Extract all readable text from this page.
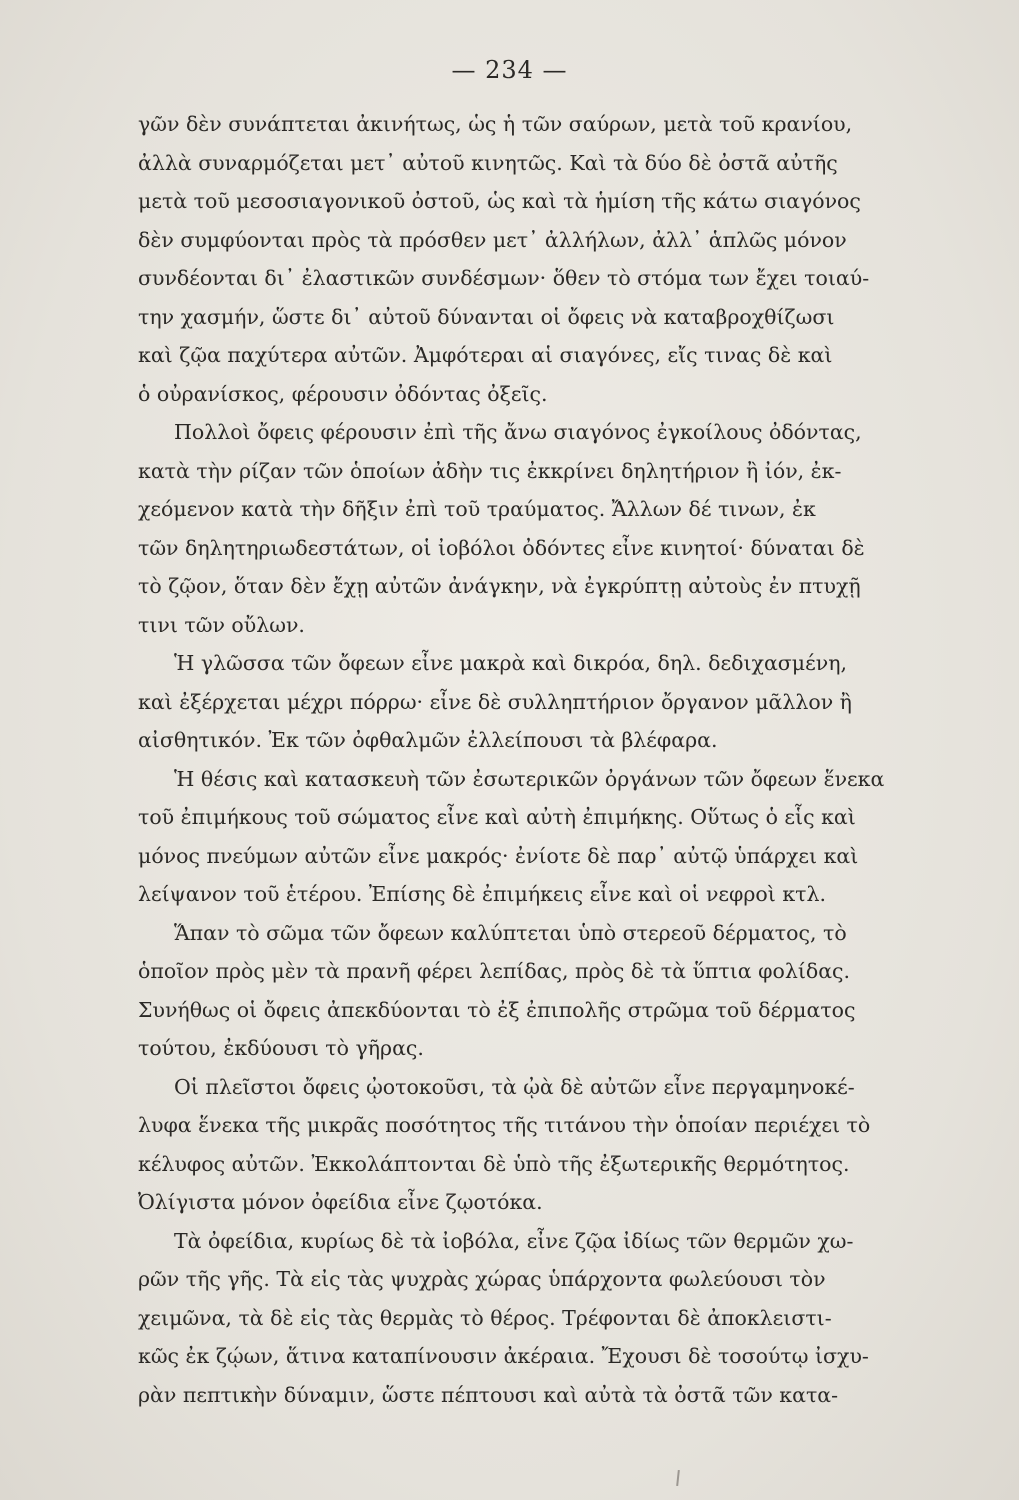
— 234 —
γῶν δὲν συνάπτεται ἀκινήτως, ὡς ἡ τῶν σαύρων, μετὰ τοῦ κρανίου,
ἀλλὰ συναρμόζεται μετ᾽ αὐτοῦ κινητῶς. Καὶ τὰ δύο δὲ ὀστᾶ αὐτῆς
μετὰ τοῦ μεσοσιαγονικοῦ ὀστοῦ, ὡς καὶ τὰ ἡμίση τῆς κάτω σιαγόνος
δὲν συμφύονται πρὸς τὰ πρόσθεν μετ᾽ ἀλλήλων, ἀλλ᾽ ἁπλῶς μόνον
συνδέονται δι᾽ ἐλαστικῶν συνδέσμων· ὅθεν τὸ στόμα των ἔχει τοιαύ-
την χασμήν, ὥστε δι᾽ αὐτοῦ δύνανται οἱ ὄφεις νὰ καταβροχθίζωσι
καὶ ζῷα παχύτερα αὐτῶν. Ἀμφότεραι αἱ σιαγόνες, εἴς τινας δὲ καὶ
ὁ οὐρανίσκος, φέρουσιν ὀδόντας ὀξεῖς.
Πολλοὶ ὄφεις φέρουσιν ἐπὶ τῆς ἄνω σιαγόνος ἐγκοίλους ὀδόντας,
κατὰ τὴν ρίζαν τῶν ὁποίων ἀδὴν τις ἐκκρίνει δηλητήριον ἢ ἰόν, ἐκ-
χεόμενον κατὰ τὴν δῆξιν ἐπὶ τοῦ τραύματος. Ἄλλων δέ τινων, ἐκ
τῶν δηλητηριωδεστάτων, οἱ ἰοβόλοι ὀδόντες εἶνε κινητοί· δύναται δὲ
τὸ ζῷον, ὅταν δὲν ἔχῃ αὐτῶν ἀνάγκην, νὰ ἐγκρύπτῃ αὐτοὺς ἐν πτυχῇ
τινι τῶν οὔλων.
Ἡ γλῶσσα τῶν ὄφεων εἶνε μακρὰ καὶ δικρόα, δηλ. δεδιχασμένη,
καὶ ἐξέρχεται μέχρι πόρρω· εἶνε δὲ συλληπτήριον ὄργανον μᾶλλον ἢ
αἰσθητικόν. Ἐκ τῶν ὀφθαλμῶν ἐλλείπουσι τὰ βλέφαρα.
Ἡ θέσις καὶ κατασκευὴ τῶν ἐσωτερικῶν ὀργάνων τῶν ὄφεων ἕνεκα
τοῦ ἐπιμήκους τοῦ σώματος εἶνε καὶ αὐτὴ ἐπιμήκης. Οὕτως ὁ εἷς καὶ
μόνος πνεύμων αὐτῶν εἶνε μακρός· ἐνίοτε δὲ παρ᾽ αὐτῷ ὑπάρχει καὶ
λείψανον τοῦ ἑτέρου. Ἐπίσης δὲ ἐπιμήκεις εἶνε καὶ οἱ νεφροὶ κτλ.
Ἅπαν τὸ σῶμα τῶν ὄφεων καλύπτεται ὑπὸ στερεοῦ δέρματος, τὸ
ὁποῖον πρὸς μὲν τὰ πρανῆ φέρει λεπίδας, πρὸς δὲ τὰ ὕπτια φολίδας.
Συνήθως οἱ ὄφεις ἀπεκδύονται τὸ ἐξ ἐπιπολῆς στρῶμα τοῦ δέρματος
τούτου, ἐκδύουσι τὸ γῆρας.
Οἱ πλεῖστοι ὄφεις ᾠοτοκοῦσι, τὰ ᾠὰ δὲ αὐτῶν εἶνε περγαμηνοκέ-
λυφα ἕνεκα τῆς μικρᾶς ποσότητος τῆς τιτάνου τὴν ὁποίαν περιέχει τὸ
κέλυφος αὐτῶν. Ἐκκολάπτονται δὲ ὑπὸ τῆς ἐξωτερικῆς θερμότητος.
Ὀλίγιστα μόνον ὀφείδια εἶνε ζῳοτόκα.
Τὰ ὀφείδια, κυρίως δὲ τὰ ἰοβόλα, εἶνε ζῷα ἰδίως τῶν θερμῶν χω-
ρῶν τῆς γῆς. Τὰ εἰς τὰς ψυχρὰς χώρας ὑπάρχοντα φωλεύουσι τὸν
χειμῶνα, τὰ δὲ εἰς τὰς θερμὰς τὸ θέρος. Τρέφονται δὲ ἀποκλειστι-
κῶς ἐκ ζῴων, ἅτινα καταπίνουσιν ἀκέραια. Ἔχουσι δὲ τοσούτῳ ἰσχυ-
ρὰν πεπτικὴν δύναμιν, ὥστε πέπτουσι καὶ αὐτὰ τὰ ὀστᾶ τῶν κατα-
